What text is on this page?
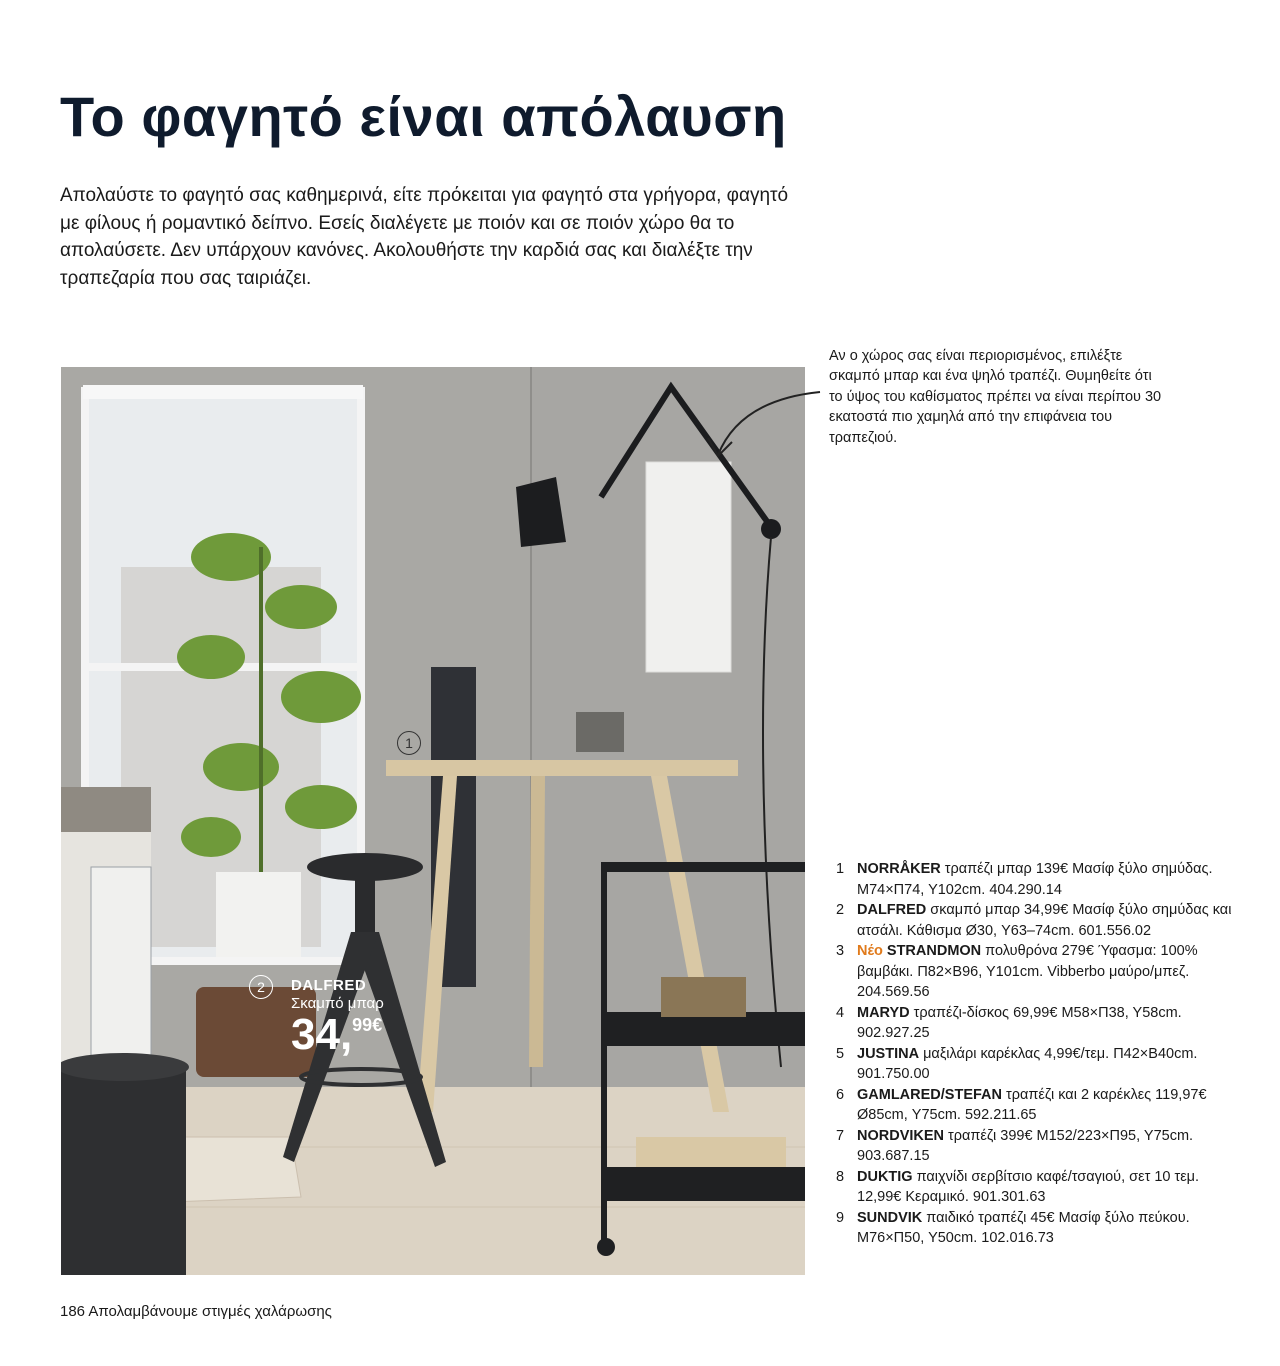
Το φαγητό είναι απόλαυση

Απολαύστε το φαγητό σας καθημερινά, είτε πρόκειται για φαγητό στα γρήγορα, φαγητό με φίλους ή ρομαντικό δείπνο. Εσείς διαλέγετε με ποιόν και σε ποιόν χώρο θα το απολαύσετε. Δεν υπάρχουν κανόνες. Ακολουθήστε την καρδιά σας και διαλέξτε την τραπεζαρία που σας ταιριάζει.

Αν ο χώρος σας είναι περιορισμένος, επιλέξτε σκαμπό μπαρ και ένα ψηλό τραπέζι. Θυμηθείτε ότι το ύψος του καθίσματος πρέπει να είναι περίπου 30 εκατοστά πιο χαμηλά από την επιφάνεια του τραπεζιού.

1
2	DALFRED
Σκαμπό μπαρ
34,99€
1 NORRÅKER τραπέζι μπαρ 139€ Μασίφ ξύλο σημύδας. Μ74×Π74, Υ102cm. 404.290.14
2 DALFRED σκαμπό μπαρ 34,99€ Μασίφ ξύλο σημύδας και ατσάλι. Κάθισμα Ø30, Υ63–74cm. 601.556.02
3 Νέο STRANDMON πολυθρόνα 279€ Ύφασμα: 100% βαμβάκι. Π82×Β96, Υ101cm. Vibberbo μαύρο/μπεζ. 204.569.56
4 MARYD τραπέζι-δίσκος 69,99€ Μ58×Π38, Υ58cm. 902.927.25
5 JUSTINA μαξιλάρι καρέκλας 4,99€/τεμ. Π42×Β40cm. 901.750.00
6 GAMLARED/STEFAN τραπέζι και 2 καρέκλες 119,97€ Ø85cm, Υ75cm. 592.211.65
7 NORDVIKEN τραπέζι 399€ Μ152/223×Π95, Υ75cm. 903.687.15
8 DUKTIG παιχνίδι σερβίτσιο καφέ/τσαγιού, σετ 10 τεμ. 12,99€ Κεραμικό. 901.301.63
9 SUNDVIK παιδικό τραπέζι 45€ Μασίφ ξύλο πεύκου. Μ76×Π50, Υ50cm. 102.016.73

186 Απολαμβάνουμε στιγμές χαλάρωσης
